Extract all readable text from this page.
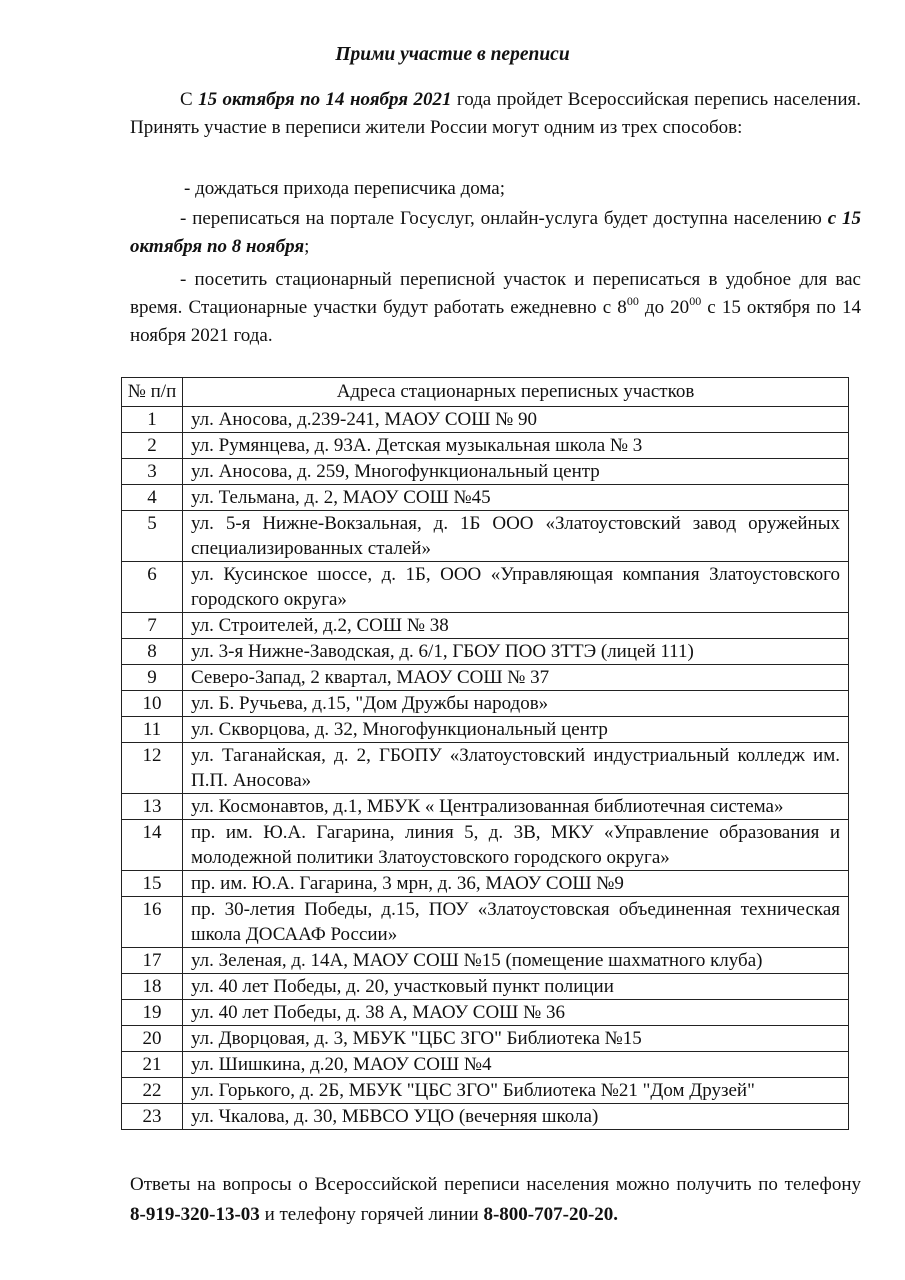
Прими участие в переписи

С 15 октября по 14 ноября 2021 года пройдет Всероссийская перепись населения. Принять участие в переписи жители России могут одним из трех способов:

- дождаться прихода переписчика дома;

- переписаться на портале Госуслуг, онлайн-услуга будет доступна населению с 15 октября по 8 ноября;

- посетить стационарный переписной участок и переписаться в удобное для вас время. Стационарные участки будут работать ежедневно с $8^{00}$ до $20^{00}$ с 15 октября по 14 ноября 2021 года.

№ п/п	Адреса стационарных переписных участков
1	ул. Аносова, д.239-241, МАОУ СОШ № 90
2	ул. Румянцева, д. 93А. Детская музыкальная школа № 3
3	ул. Аносова, д. 259, Многофункциональный центр
4	ул. Тельмана, д. 2, МАОУ СОШ №45
5	ул. 5-я Нижне-Вокзальная, д. 1Б ООО «Златоустовский завод оружейных специализированных сталей»
6	ул. Кусинское шоссе, д. 1Б, ООО «Управляющая компания Златоустовского городского округа»
7	ул. Строителей, д.2, СОШ № 38
8	ул. 3-я Нижне-Заводская, д. 6/1, ГБОУ ПОО ЗТТЭ (лицей 111)
9	Северо-Запад, 2 квартал, МАОУ СОШ № 37
10	ул. Б. Ручьева, д.15, "Дом Дружбы народов»
11	ул. Скворцова, д. 32, Многофункциональный центр
12	ул. Таганайская, д. 2, ГБОПУ «Златоустовский индустриальный колледж им. П.П. Аносова»
13	ул. Космонавтов, д.1, МБУК « Централизованная библиотечная система»
14	пр. им. Ю.А. Гагарина, линия 5, д. 3В, МКУ «Управление образования и молодежной политики Златоустовского городского округа»
15	пр. им. Ю.А. Гагарина, 3 мрн, д. 36, МАОУ СОШ №9
16	пр. 30-летия Победы, д.15, ПОУ «Златоустовская объединенная техническая школа ДОСААФ России»
17	ул. Зеленая, д. 14А, МАОУ СОШ №15 (помещение шахматного клуба)
18	ул. 40 лет Победы, д. 20, участковый пункт полиции
19	ул. 40 лет Победы, д. 38 А, МАОУ СОШ № 36
20	ул. Дворцовая, д. 3, МБУК "ЦБС ЗГО" Библиотека №15
21	ул. Шишкина, д.20, МАОУ СОШ №4
22	ул. Горького, д. 2Б, МБУК "ЦБС ЗГО" Библиотека №21 "Дом Друзей"
23	ул. Чкалова, д. 30, МБВСО УЦО (вечерняя школа)

Ответы на вопросы о Всероссийской переписи населения можно получить по телефону 8-919-320-13-03 и телефону горячей линии 8-800-707-20-20.
